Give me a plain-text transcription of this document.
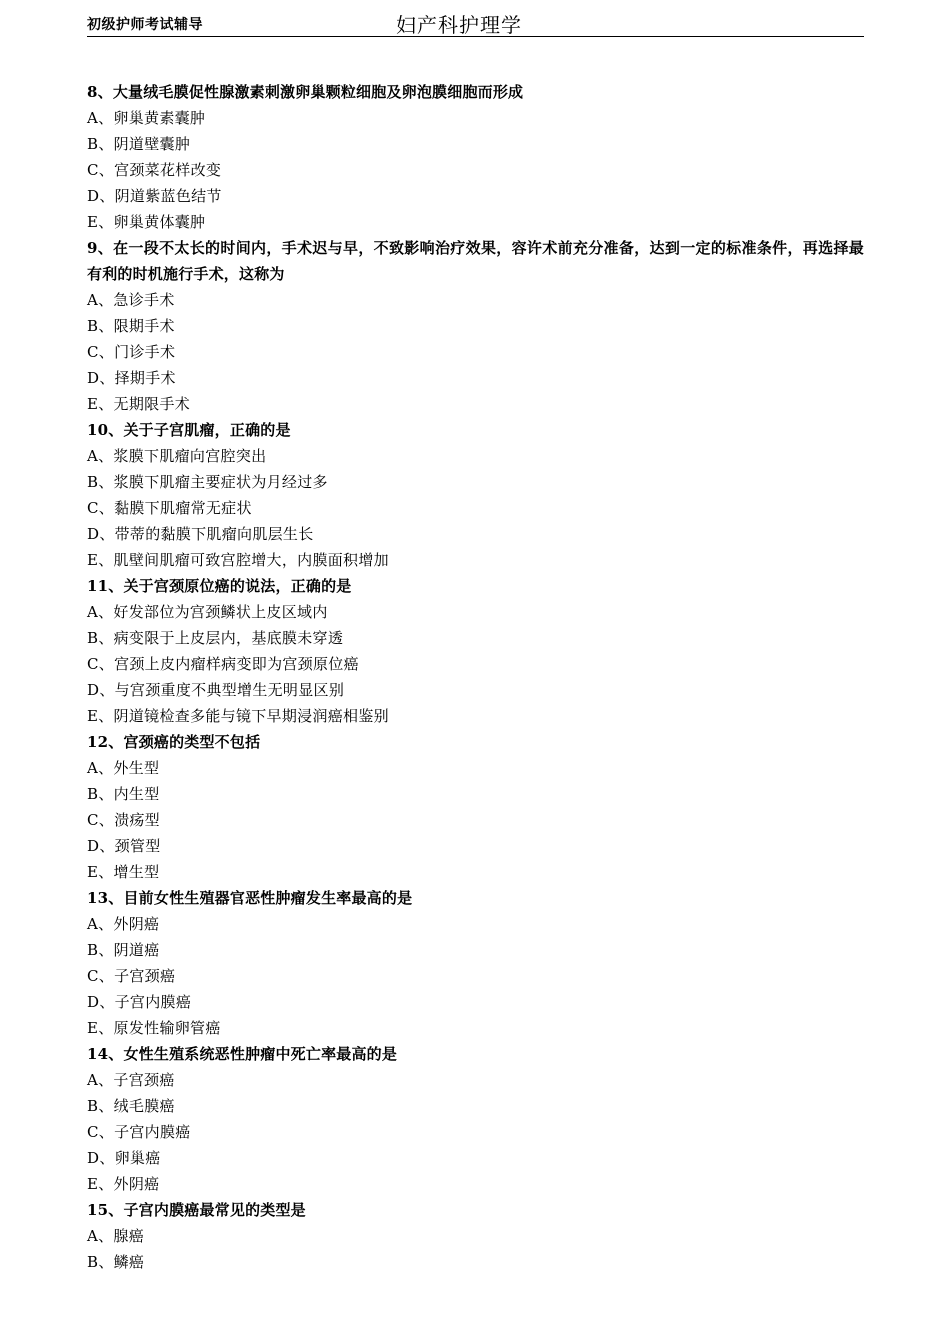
初级护师考试辅导	妇产科护理学
8、大量绒毛膜促性腺激素刺激卵巢颗粒细胞及卵泡膜细胞而形成
A、卵巢黄素囊肿
B、阴道壁囊肿
C、宫颈菜花样改变
D、阴道紫蓝色结节
E、卵巢黄体囊肿
9、在一段不太长的时间内，手术迟与早，不致影响治疗效果，容许术前充分准备，达到一定的标准条件，再选择最有利的时机施行手术，这称为
A、急诊手术
B、限期手术
C、门诊手术
D、择期手术
E、无期限手术
10、关于子宫肌瘤，正确的是
A、浆膜下肌瘤向宫腔突出
B、浆膜下肌瘤主要症状为月经过多
C、黏膜下肌瘤常无症状
D、带蒂的黏膜下肌瘤向肌层生长
E、肌壁间肌瘤可致宫腔增大，内膜面积增加
11、关于宫颈原位癌的说法，正确的是
A、好发部位为宫颈鳞状上皮区域内
B、病变限于上皮层内，基底膜未穿透
C、宫颈上皮内瘤样病变即为宫颈原位癌
D、与宫颈重度不典型增生无明显区别
E、阴道镜检查多能与镜下早期浸润癌相鉴别
12、宫颈癌的类型不包括
A、外生型
B、内生型
C、溃疡型
D、颈管型
E、增生型
13、目前女性生殖器官恶性肿瘤发生率最高的是
A、外阴癌
B、阴道癌
C、子宫颈癌
D、子宫内膜癌
E、原发性输卵管癌
14、女性生殖系统恶性肿瘤中死亡率最高的是
A、子宫颈癌
B、绒毛膜癌
C、子宫内膜癌
D、卵巢癌
E、外阴癌
15、子宫内膜癌最常见的类型是
A、腺癌
B、鳞癌
